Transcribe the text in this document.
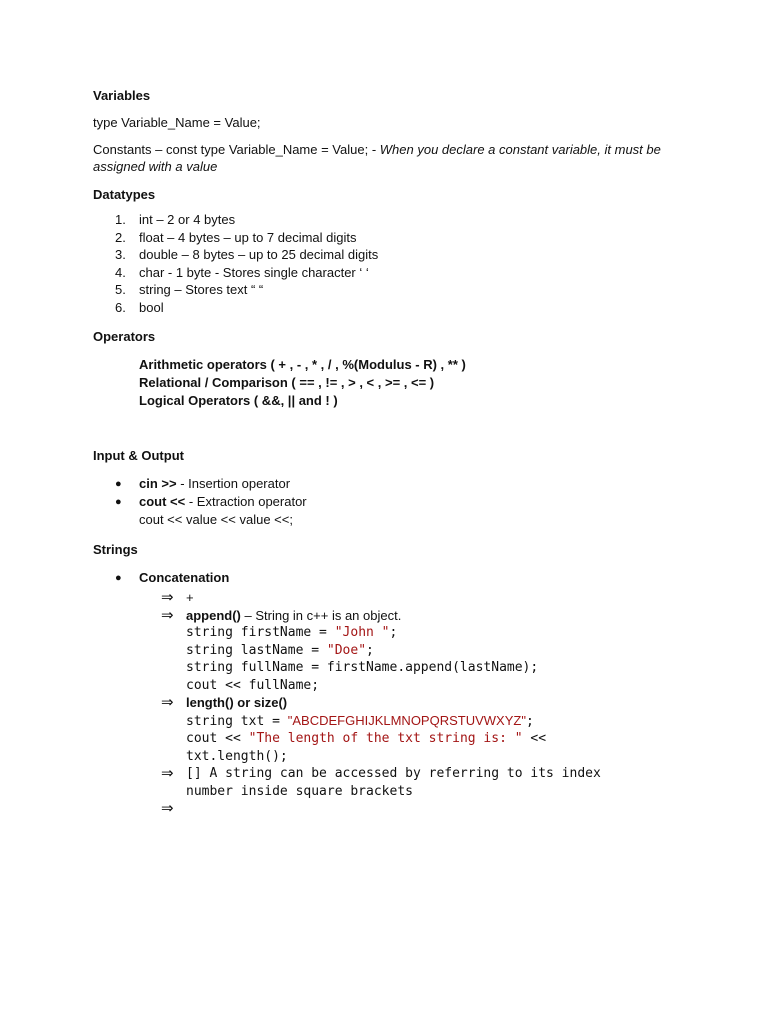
Variables

type Variable_Name = Value;

Constants – const type Variable_Name = Value; - When you declare a constant variable, it must be assigned with a value

Datatypes

1. int – 2 or 4 bytes
2. float – 4 bytes – up to 7 decimal digits
3. double – 8 bytes – up to 25 decimal digits
4. char - 1 byte - Stores single character ‘ ‘
5. string – Stores text “ “
6. bool

Operators

Arithmetic operators ( + , - , * , / , %(Modulus - R) , ** )
Relational / Comparison ( == , != , > , < , >= , <= )
Logical Operators ( &&, || and ! )

Input & Output

● cin >> - Insertion operator
● cout << - Extraction operator
cout << value << value <<;

Strings

● Concatenation
⇒ +
⇒ append() – String in c++ is an object.
string firstName = "John ";
string lastName = "Doe";
string fullName = firstName.append(lastName);
cout << fullName;
⇒ length() or size()
string txt = "ABCDEFGHIJKLMNOPQRSTUVWXYZ";
cout << "The length of the txt string is: " <<
txt.length();
⇒ [] A string can be accessed by referring to its index
number inside square brackets
⇒
